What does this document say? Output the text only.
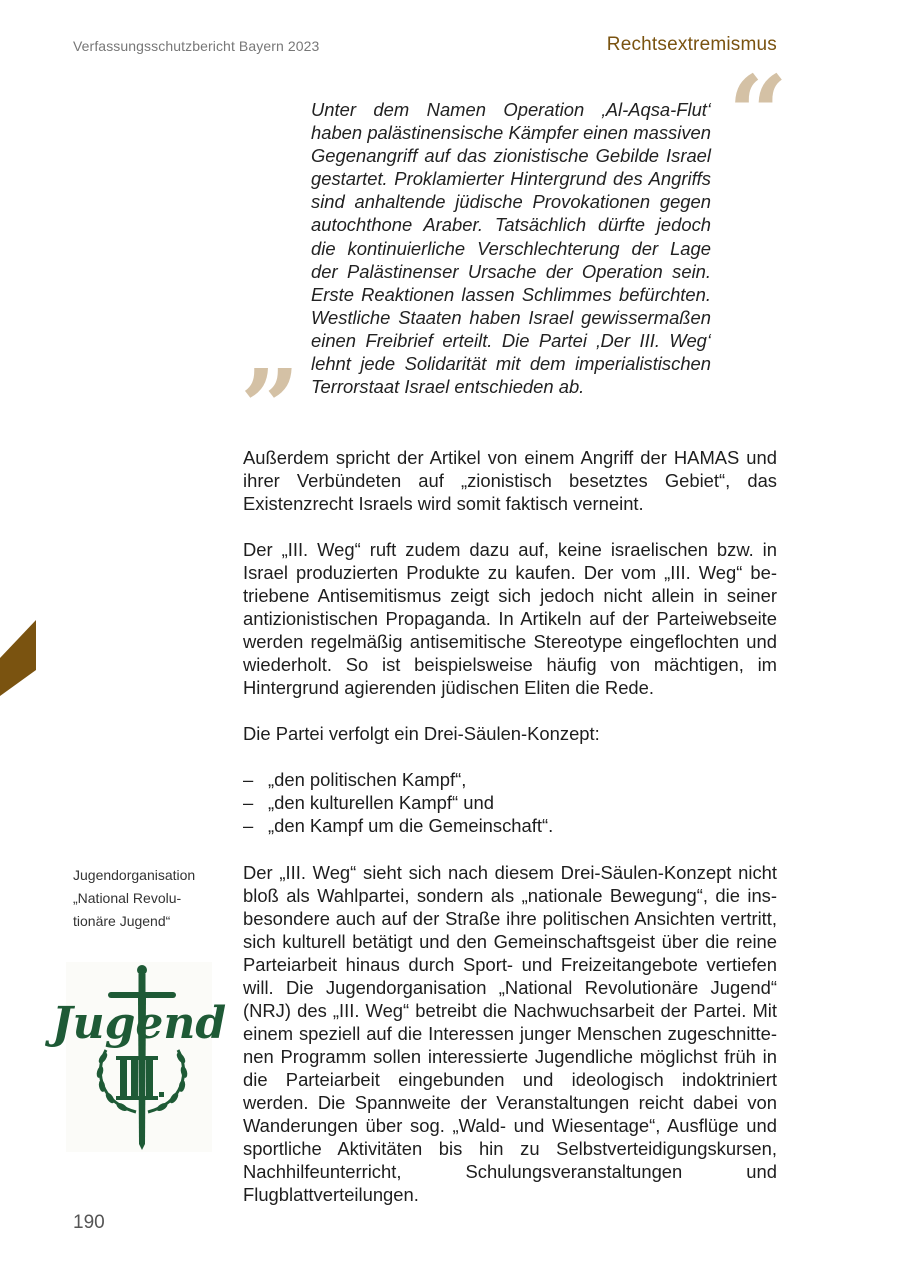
Verfassungsschutzbericht Bayern 2023	Rechtsextremismus
“

Unter dem Namen Operation ‚Al-Aqsa-Flut‘ haben palästinensische Kämpfer einen massiven Gegenangriff auf das zionistische Gebilde Israel gestartet. Proklamierter Hintergrund des Angriffs sind anhaltende jüdische Provokationen gegen autochthone Araber. Tatsächlich dürfte jedoch die kontinuierliche Verschlechterung der Lage der Palästinenser Ursache der Operation sein. Erste Reaktionen lassen Schlimmes befürchten. Westliche Staaten haben Israel gewissermaßen einen Freibrief erteilt. Die Partei ‚Der III. Weg‘ lehnt jede Solidarität mit dem imperialistischen Terrorstaat Israel entschieden ab.

”

Außerdem spricht der Artikel von einem Angriff der HAMAS und ihrer Verbündeten auf „zionistisch besetztes Gebiet“, das Existenzrecht Israels wird somit faktisch verneint.

Der „III. Weg“ ruft zudem dazu auf, keine israelischen bzw. in Israel produzierten Produkte zu kaufen. Der vom „III. Weg“ betriebene Antisemitismus zeigt sich jedoch nicht allein in seiner antizionistischen Propaganda. In Artikeln auf der Parteiwebseite werden regelmäßig antisemitische Stereotype eingeflochten und wiederholt. So ist beispielsweise häufig von mächtigen, im Hintergrund agierenden jüdischen Eliten die Rede.

Die Partei verfolgt ein Drei-Säulen-Konzept:

– „den politischen Kampf“,
– „den kulturellen Kampf“ und
– „den Kampf um die Gemeinschaft“.

Der „III. Weg“ sieht sich nach diesem Drei-Säulen-Konzept nicht bloß als Wahlpartei, sondern als „nationale Bewegung“, die insbesondere auch auf der Straße ihre politischen Ansichten vertritt, sich kulturell betätigt und den Gemeinschaftsgeist über die reine Parteiarbeit hinaus durch Sport- und Freizeitangebote vertiefen will. Die Jugendorganisation „National Revolutionäre Jugend“ (NRJ) des „III. Weg“ betreibt die Nachwuchsarbeit der Partei. Mit einem speziell auf die Interessen junger Menschen zugeschnittenen Programm sollen interessierte Jugendliche möglichst früh in die Parteiarbeit eingebunden und ideologisch indoktriniert werden. Die Spannweite der Veranstaltungen reicht dabei von Wanderungen über sog. „Wald- und Wiesentage“, Ausflüge und sportliche Aktivitäten bis hin zu Selbstverteidigungskursen, Nachhilfeunterricht, Schulungsveranstaltungen und Flugblattverteilungen.

Jugendorganisation
„National Revolu-
tionäre Jugend“
Jugend
190
